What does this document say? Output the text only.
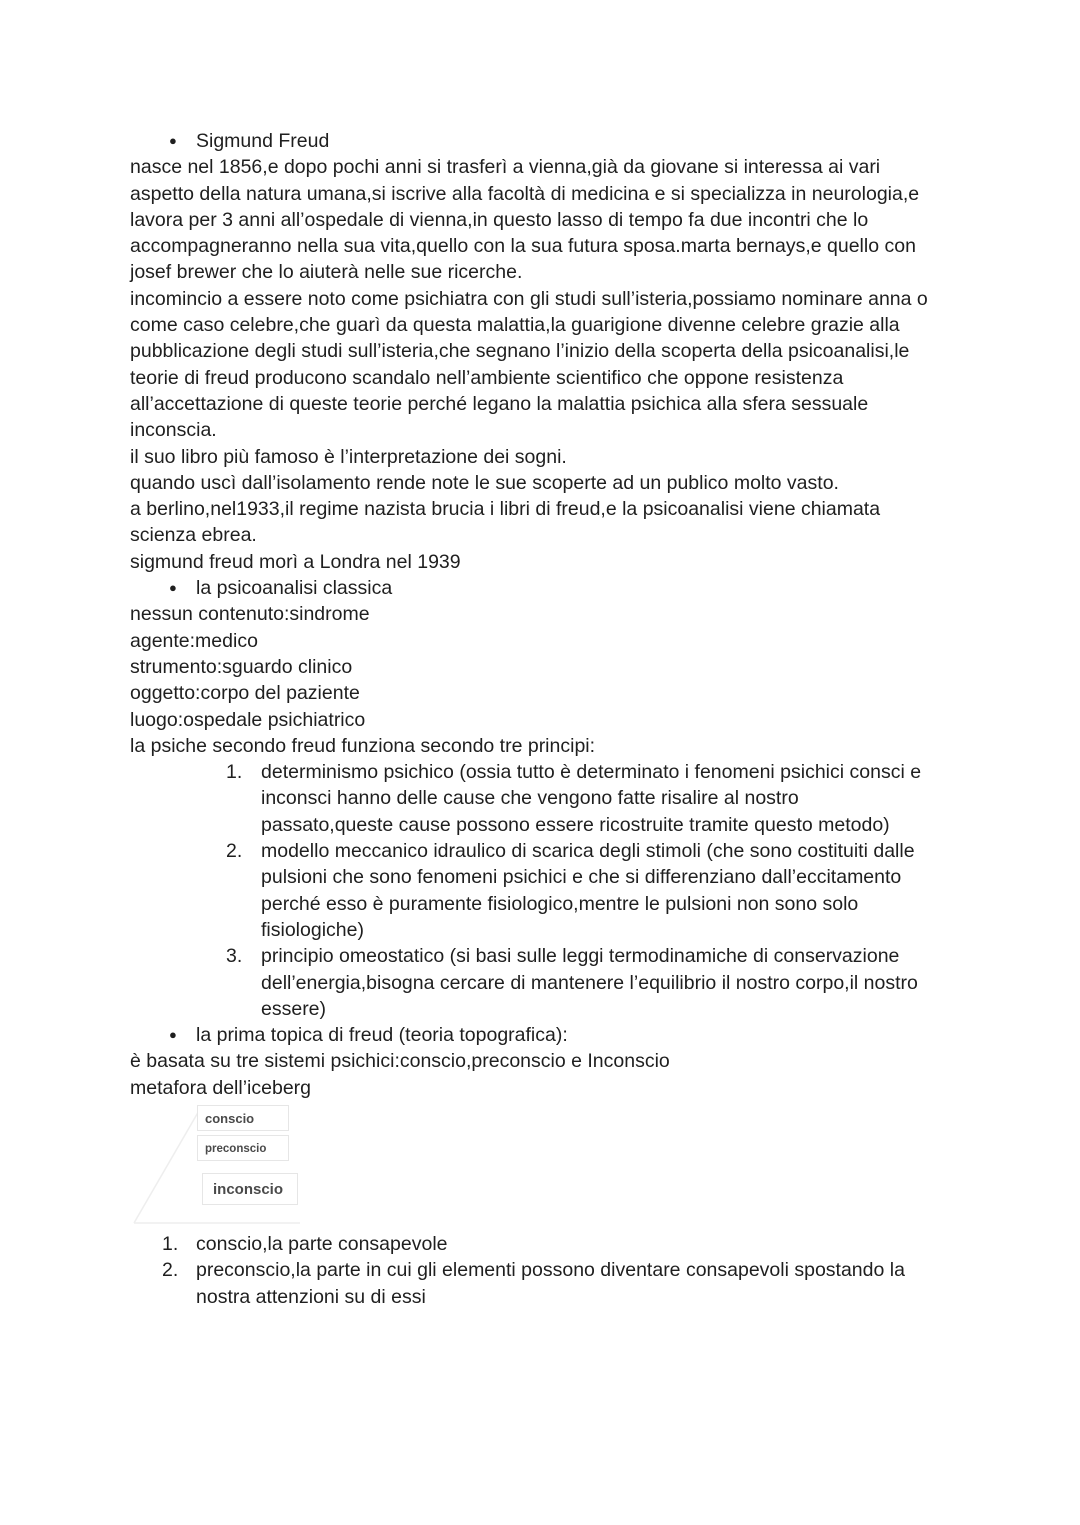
● Sigmund Freud
nasce nel 1856,e dopo pochi anni si trasferì a vienna,già da giovane si interessa ai vari
aspetto della natura umana,si iscrive alla facoltà di medicina e si specializza in neurologia,e
lavora per 3 anni all’ospedale di vienna,in questo lasso di tempo fa due incontri che lo
accompagneranno nella sua vita,quello con la sua futura sposa.marta bernays,e quello con
josef brewer che lo aiuterà nelle sue ricerche.
incomincio a essere noto come psichiatra con gli studi sull’isteria,possiamo nominare anna o
come caso celebre,che guarì da questa malattia,la guarigione divenne celebre grazie alla
pubblicazione degli studi sull’isteria,che segnano l’inizio della scoperta della psicoanalisi,le
teorie di freud producono scandalo nell’ambiente scientifico che oppone resistenza
all’accettazione di queste teorie perché legano la malattia psichica alla sfera sessuale
inconscia.
il suo libro più famoso è l’interpretazione dei sogni.
quando uscì dall’isolamento rende note le sue scoperte ad un publico molto vasto.
a berlino,nel1933,il regime nazista brucia i libri di freud,e la psicoanalisi viene chiamata
scienza ebrea.
sigmund freud morì a Londra nel 1939
● la psicoanalisi classica
nessun contenuto:sindrome
agente:medico
strumento:sguardo clinico
oggetto:corpo del paziente
luogo:ospedale psichiatrico
la psiche secondo freud funziona secondo tre principi:
1. determinismo psichico (ossia tutto è determinato i fenomeni psichici consci e
inconsci hanno delle cause che vengono fatte risalire al nostro
passato,queste cause possono essere ricostruite tramite questo metodo)
2. modello meccanico idraulico di scarica degli stimoli (che sono costituiti dalle
pulsioni che sono fenomeni psichici e che si differenziano dall’eccitamento
perché esso è puramente fisiologico,mentre le pulsioni non sono solo
fisiologiche)
3. principio omeostatico (si basi sulle leggi termodinamiche di conservazione
dell’energia,bisogna cercare di mantenere l’equilibrio il nostro corpo,il nostro
essere)
● la prima topica di freud (teoria topografica):
è basata su tre sistemi psichici:conscio,preconscio e Inconscio
metafora dell’iceberg
conscio
preconscio
inconscio
1. conscio,la parte consapevole
2. preconscio,la parte in cui gli elementi possono diventare consapevoli spostando la
nostra attenzioni su di essi
